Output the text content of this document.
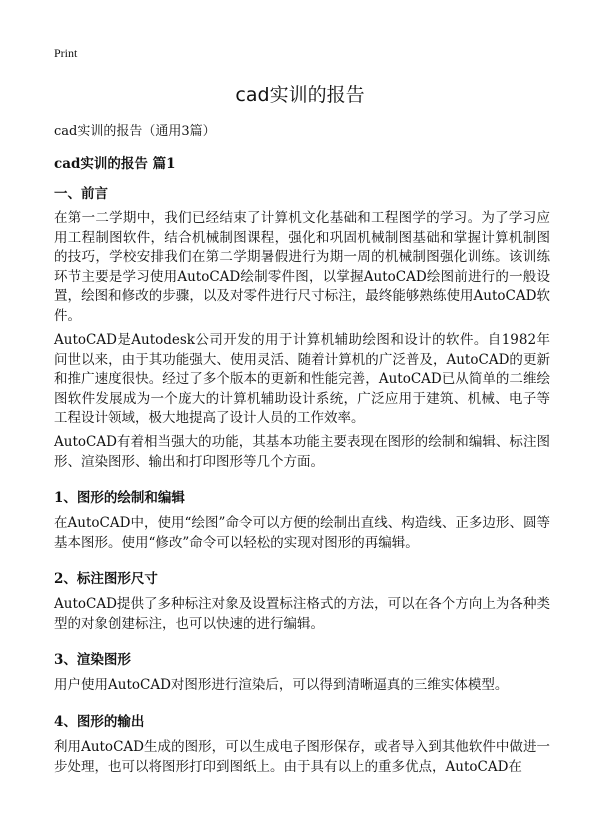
Print
cad实训的报告
cad实训的报告（通用3篇）
cad实训的报告 篇1
一、前言
在第一二学期中，我们已经结束了计算机文化基础和工程图学的学习。为了学习应用工程制图软件，结合机械制图课程，强化和巩固机械制图基础和掌握计算机制图的技巧，学校安排我们在第二学期暑假进行为期一周的机械制图强化训练。该训练环节主要是学习使用AutoCAD绘制零件图，以掌握AutoCAD绘图前进行的一般设置，绘图和修改的步骤，以及对零件进行尺寸标注，最终能够熟练使用AutoCAD软件。
AutoCAD是Autodesk公司开发的用于计算机辅助绘图和设计的软件。自1982年问世以来，由于其功能强大、使用灵活、随着计算机的广泛普及，AutoCAD的更新和推广速度很快。经过了多个版本的更新和性能完善，AutoCAD已从简单的二维绘图软件发展成为一个庞大的计算机辅助设计系统，广泛应用于建筑、机械、电子等工程设计领域，极大地提高了设计人员的工作效率。
AutoCAD有着相当强大的功能，其基本功能主要表现在图形的绘制和编辑、标注图形、渲染图形、输出和打印图形等几个方面。
1、图形的绘制和编辑
在AutoCAD中，使用“绘图”命令可以方便的绘制出直线、构造线、正多边形、圆等基本图形。使用“修改”命令可以轻松的实现对图形的再编辑。
2、标注图形尺寸
AutoCAD提供了多种标注对象及设置标注格式的方法，可以在各个方向上为各种类型的对象创建标注，也可以快速的进行编辑。
3、渲染图形
用户使用AutoCAD对图形进行渲染后，可以得到清晰逼真的三维实体模型。
4、图形的输出
利用AutoCAD生成的图形，可以生成电子图形保存，或者导入到其他软件中做进一步处理，也可以将图形打印到图纸上。由于具有以上的重多优点，AutoCAD在
